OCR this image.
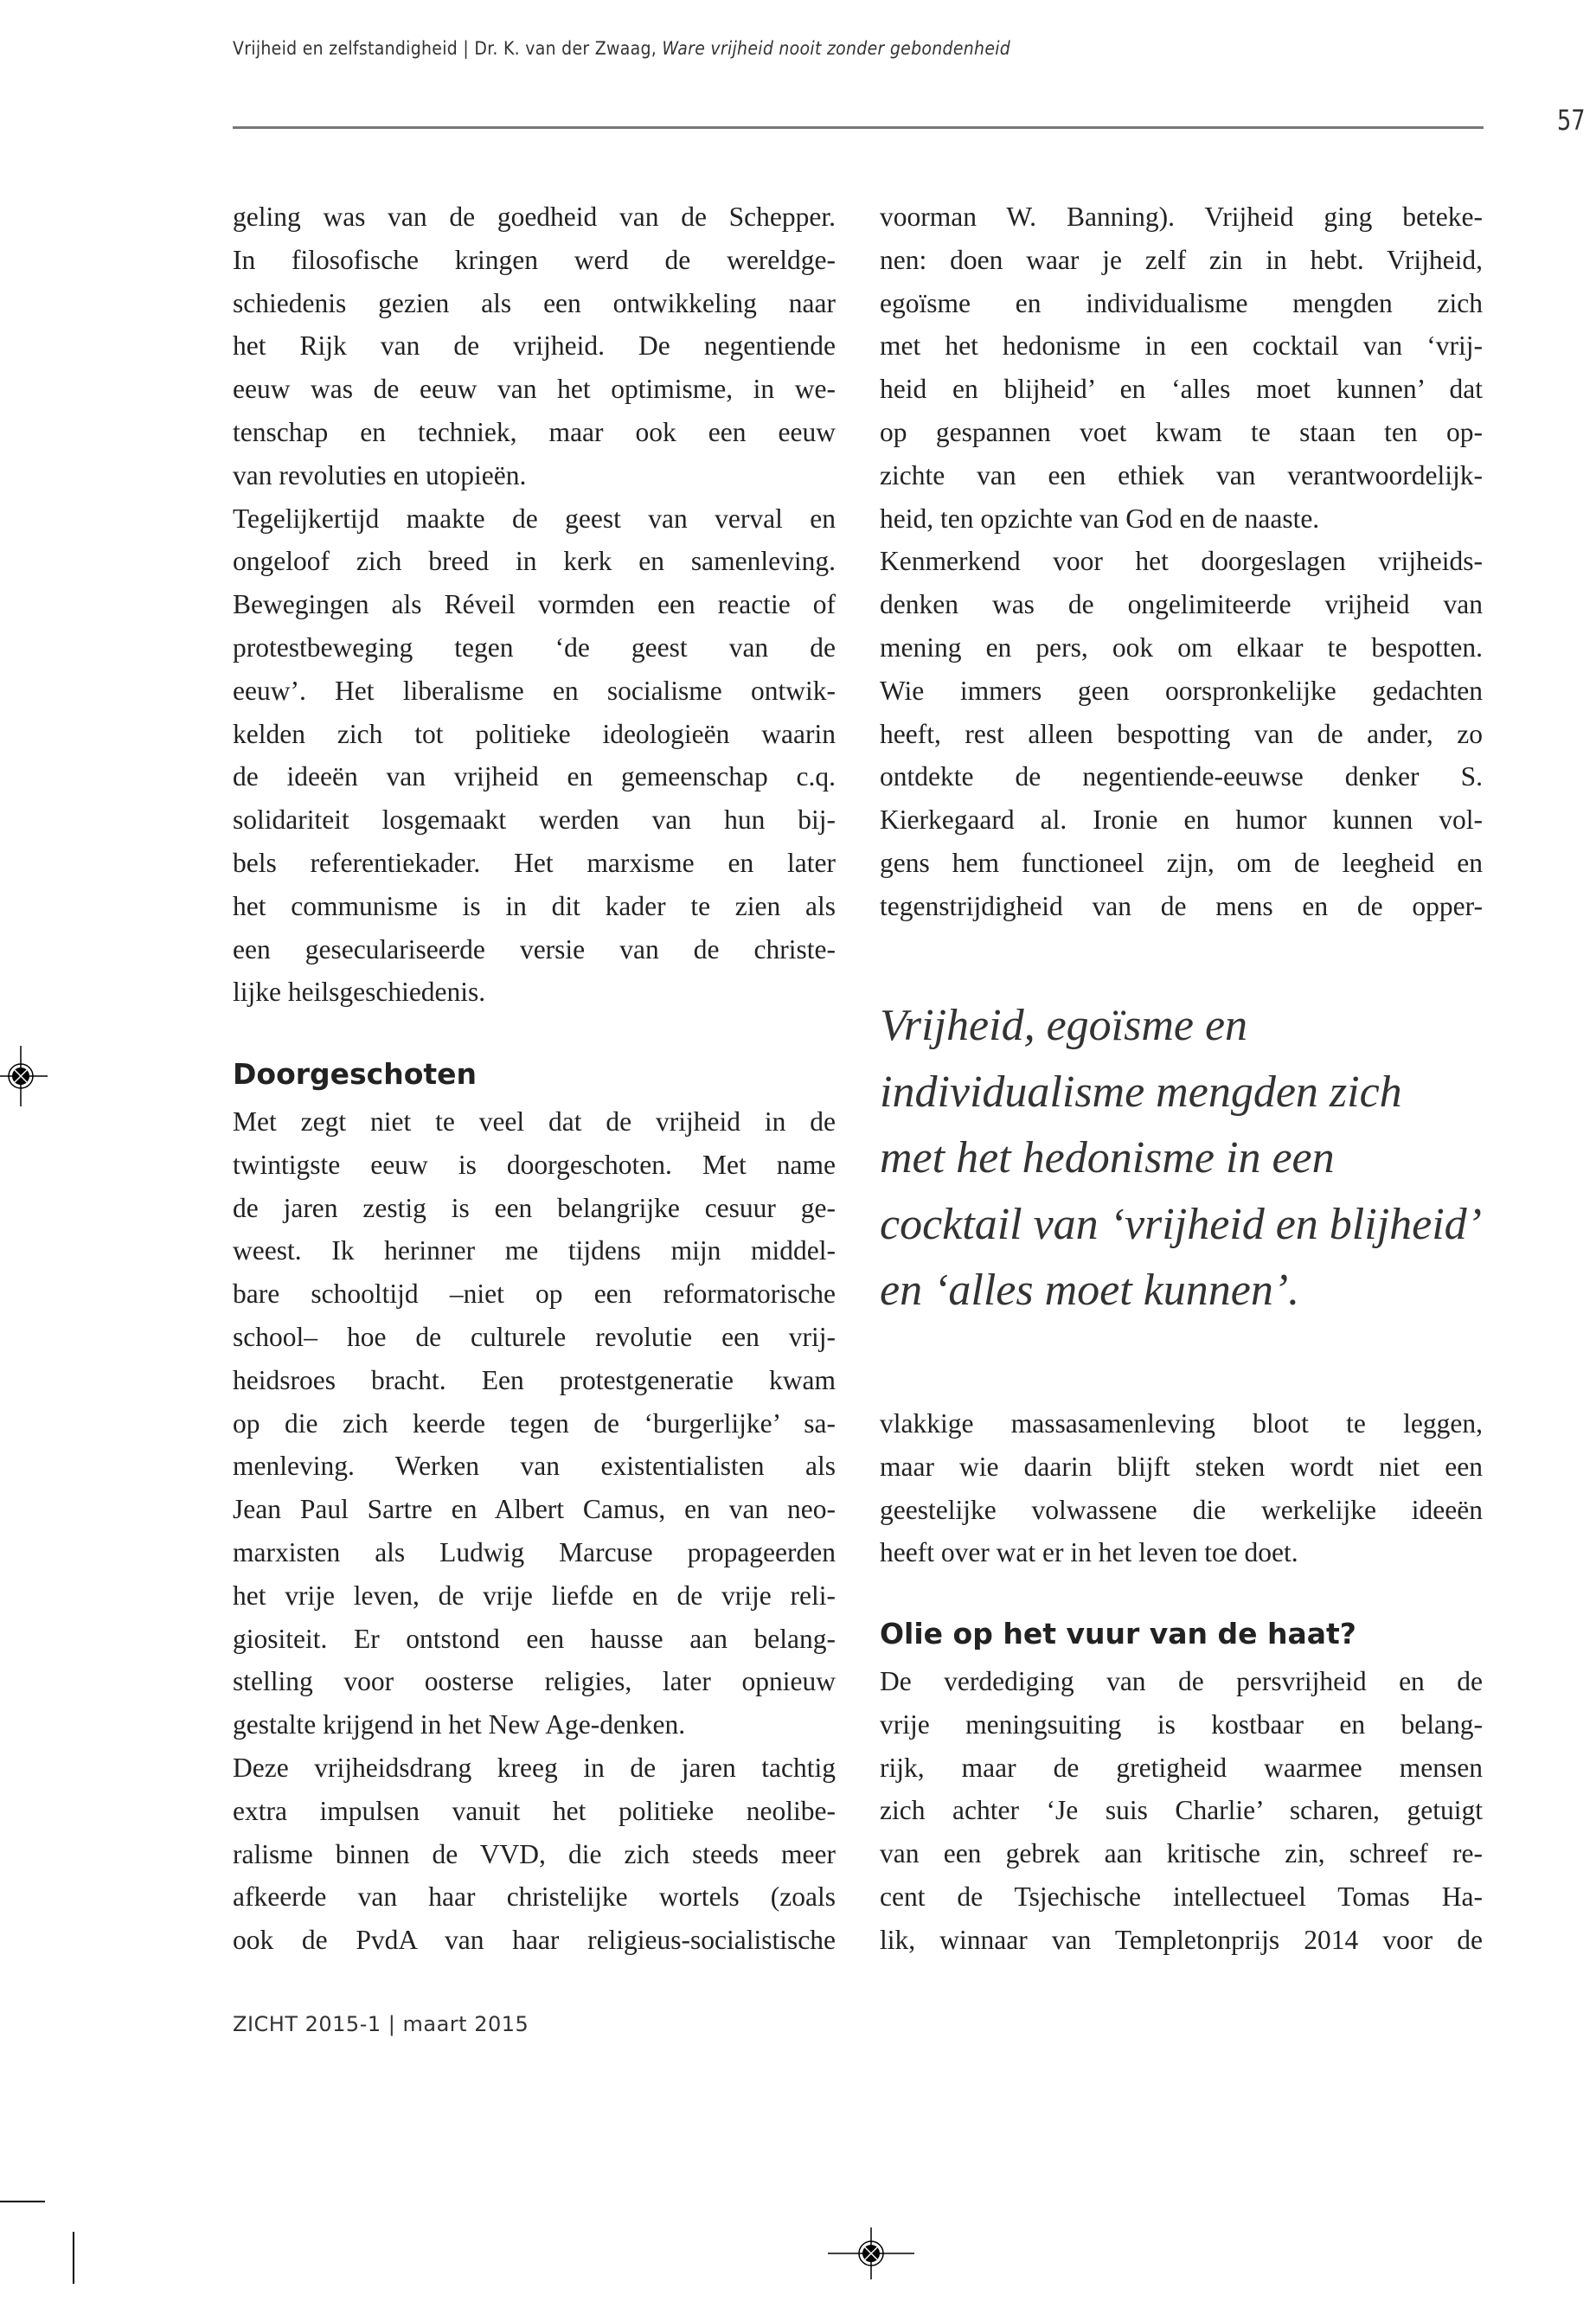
Vrijheid en zelfstandigheid | Dr. K. van der Zwaag, Ware vrijheid nooit zonder gebondenheid
57
geling was van de goedheid van de Schepper.
In filosofische kringen werd de wereldge-
schiedenis gezien als een ontwikkeling naar
het Rijk van de vrijheid. De negentiende
eeuw was de eeuw van het optimisme, in we-
tenschap en techniek, maar ook een eeuw
van revoluties en utopieën.
Tegelijkertijd maakte de geest van verval en
ongeloof zich breed in kerk en samenleving.
Bewegingen als Réveil vormden een reactie of
protestbeweging tegen ‘de geest van de
eeuw’. Het liberalisme en socialisme ontwik-
kelden zich tot politieke ideologieën waarin
de ideeën van vrijheid en gemeenschap c.q.
solidariteit losgemaakt werden van hun bij-
bels referentiekader. Het marxisme en later
het communisme is in dit kader te zien als
een geseculariseerde versie van de christe-
lijke heilsgeschiedenis.
Doorgeschoten
Met zegt niet te veel dat de vrijheid in de
twintigste eeuw is doorgeschoten. Met name
de jaren zestig is een belangrijke cesuur ge-
weest. Ik herinner me tijdens mijn middel-
bare schooltijd –niet op een reformatorische
school– hoe de culturele revolutie een vrij-
heidsroes bracht. Een protestgeneratie kwam
op die zich keerde tegen de ‘burgerlijke’ sa-
menleving. Werken van existentialisten als
Jean Paul Sartre en Albert Camus, en van neo-
marxisten als Ludwig Marcuse propageerden
het vrije leven, de vrije liefde en de vrije reli-
giositeit. Er ontstond een hausse aan belang-
stelling voor oosterse religies, later opnieuw
gestalte krijgend in het New Age-denken.
Deze vrijheidsdrang kreeg in de jaren tachtig
extra impulsen vanuit het politieke neolibe-
ralisme binnen de VVD, die zich steeds meer
afkeerde van haar christelijke wortels (zoals
ook de PvdA van haar religieus-socialistische
voorman W. Banning). Vrijheid ging beteke-
nen: doen waar je zelf zin in hebt. Vrijheid,
egoïsme en individualisme mengden zich
met het hedonisme in een cocktail van ‘vrij-
heid en blijheid’ en ‘alles moet kunnen’ dat
op gespannen voet kwam te staan ten op-
zichte van een ethiek van verantwoordelijk-
heid, ten opzichte van God en de naaste.
Kenmerkend voor het doorgeslagen vrijheids-
denken was de ongelimiteerde vrijheid van
mening en pers, ook om elkaar te bespotten.
Wie immers geen oorspronkelijke gedachten
heeft, rest alleen bespotting van de ander, zo
ontdekte de negentiende-eeuwse denker S.
Kierkegaard al. Ironie en humor kunnen vol-
gens hem functioneel zijn, om de leegheid en
tegenstrijdigheid van de mens en de opper-
Vrijheid, egoïsme en
individualisme mengden zich
met het hedonisme in een
cocktail van ‘vrijheid en blijheid’
en ‘alles moet kunnen’.
vlakkige massasamenleving bloot te leggen,
maar wie daarin blijft steken wordt niet een
geestelijke volwassene die werkelijke ideeën
heeft over wat er in het leven toe doet.
Olie op het vuur van de haat?
De verdediging van de persvrijheid en de
vrije meningsuiting is kostbaar en belang-
rijk, maar de gretigheid waarmee mensen
zich achter ‘Je suis Charlie’ scharen, getuigt
van een gebrek aan kritische zin, schreef re-
cent de Tsjechische intellectueel Tomas Ha-
lik, winnaar van Templetonprijs 2014 voor de
ZICHT 2015-1 | maart 2015
